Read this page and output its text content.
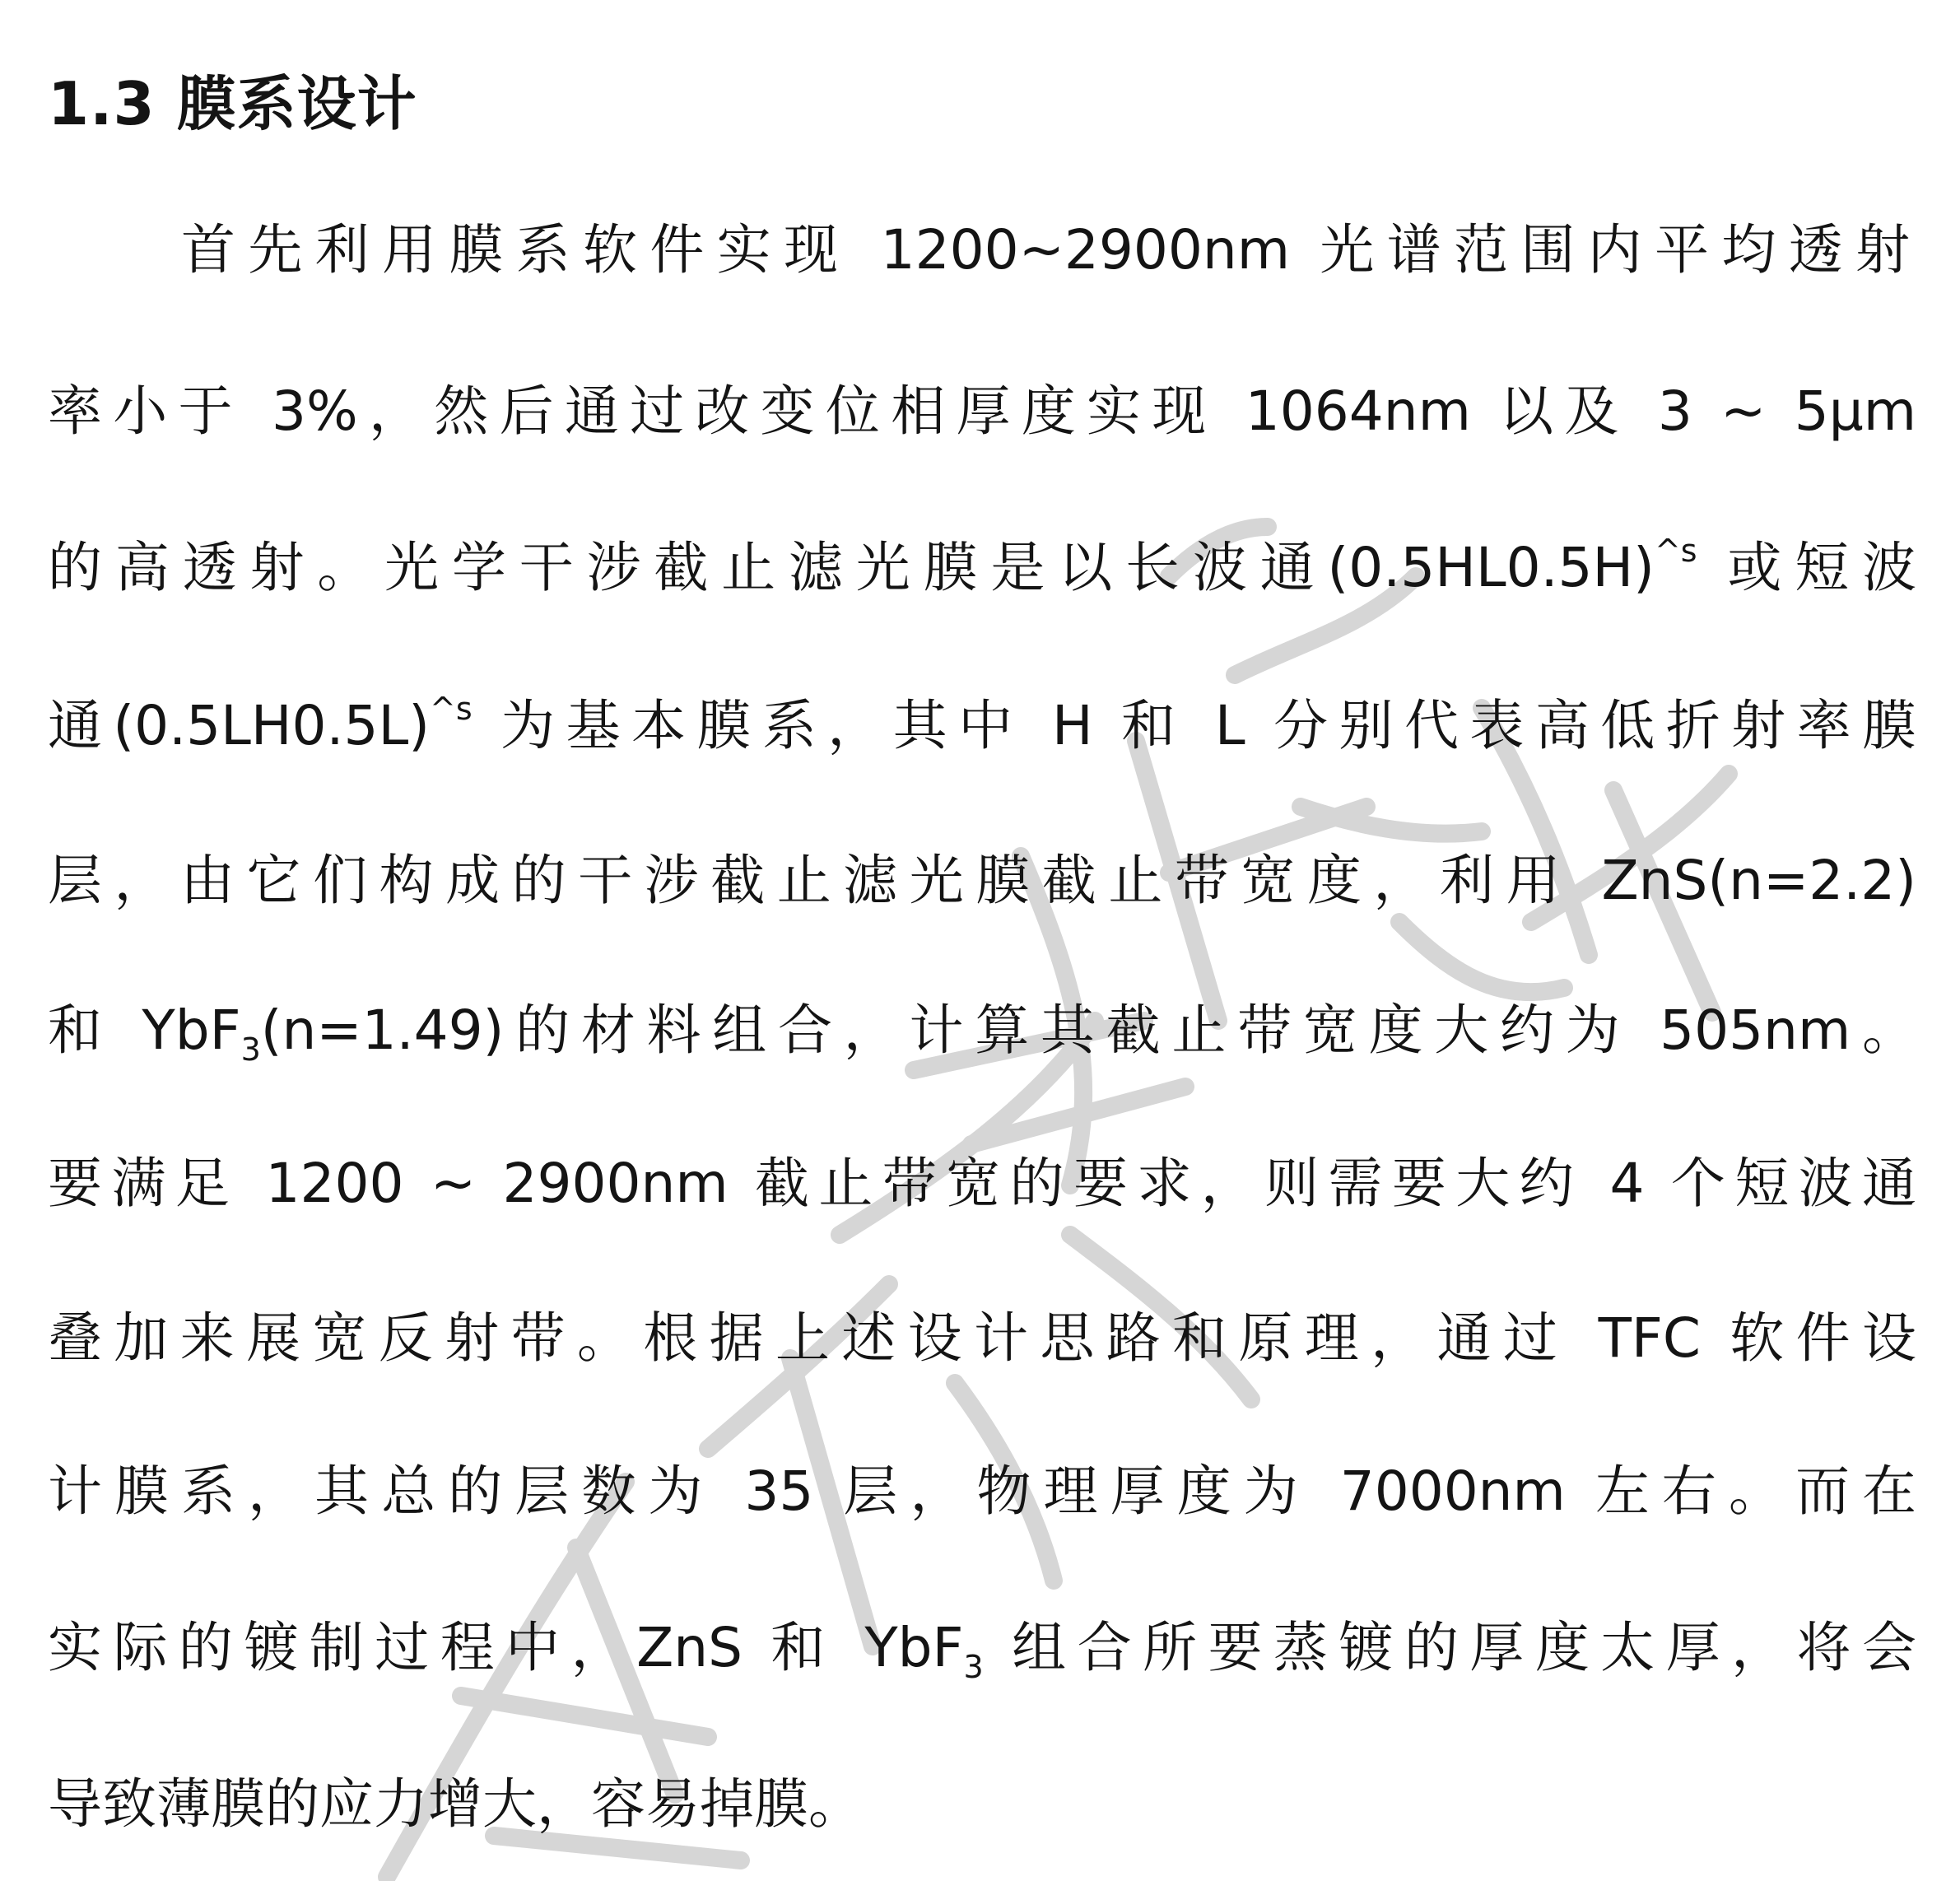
1.3 膜系设计
首先利用膜系软件实现 1200~2900nm 光谱范围内平均透射
率小于 3%，然后通过改变位相厚度实现 1064nm 以及 3 ~ 5μm
的高透射。光学干涉截止滤光膜是以长波通$(0.5HL0.5H)^{\^{}s}$ 或短波
通$(0.5LH0.5L)^{\^{}s}$ 为基本膜系，其中 H 和 L 分别代表高低折射率膜
层，由它们构成的干涉截止滤光膜截止带宽度，利用 ZnS(n=2.2)
和 YbF$_3$(n=1.49)的材料组合，计算其截止带宽度大约为 505nm。
要满足 1200 ~ 2900nm 截止带宽的要求，则需要大约 4 个短波通
叠加来展宽反射带。根据上述设计思路和原理，通过 TFC 软件设
计膜系，其总的层数为 35 层，物理厚度为 7000nm 左右。而在
实际的镀制过程中，ZnS 和 YbF$_3$ 组合所要蒸镀的厚度太厚，将会
导致薄膜的应力增大，容易掉膜。
